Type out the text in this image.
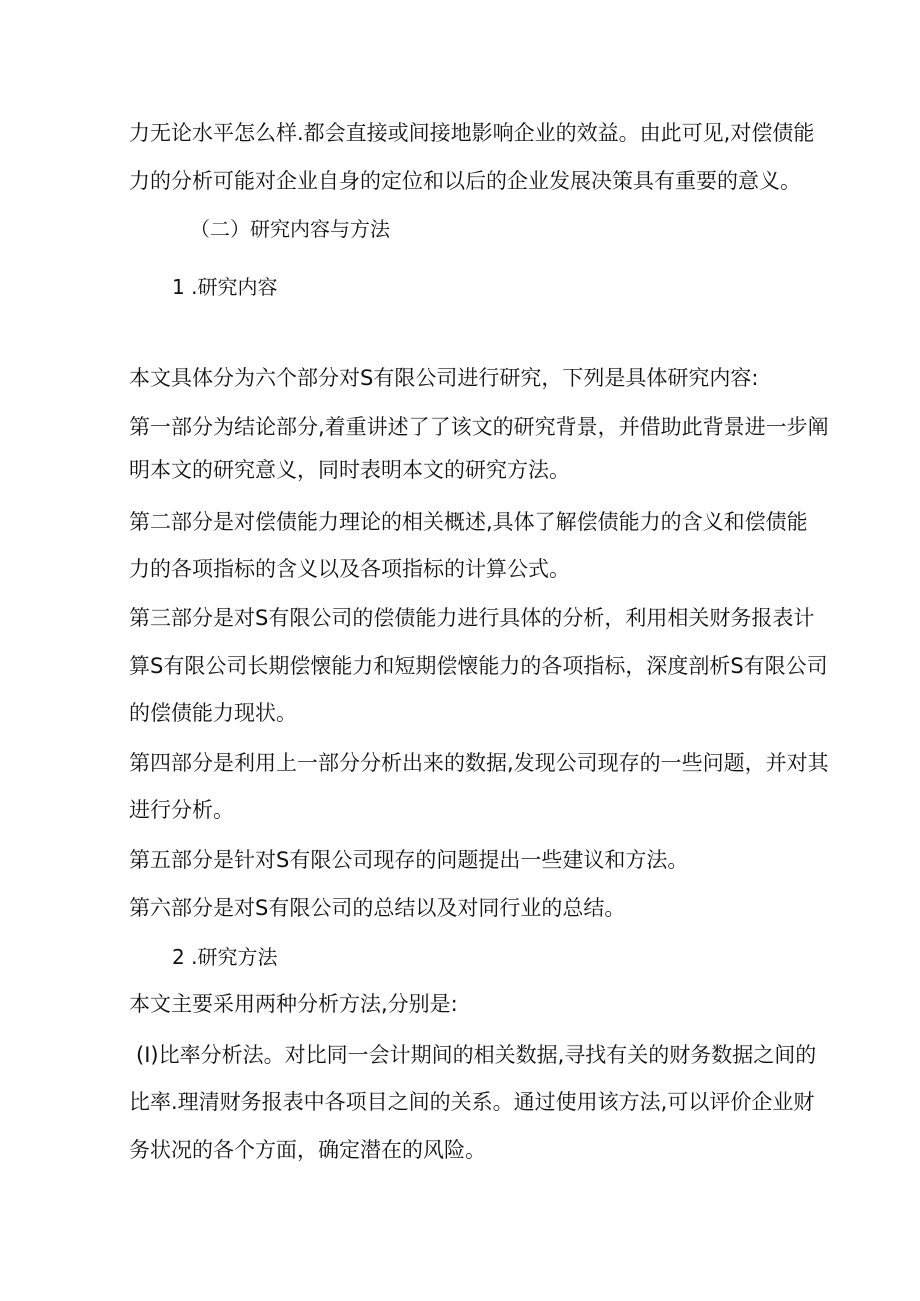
力无论水平怎么样.都会直接或间接地影响企业的效益。由此可见,对偿债能
力的分析可能对企业自身的定位和以后的企业发展决策具有重要的意义。
（二）研究内容与方法
1 .研究内容
本文具体分为六个部分对S有限公司进行研究，下列是具体研究内容:
第一部分为结论部分,着重讲述了了该文的研究背景，并借助此背景进一步阐
明本文的研究意义，同时表明本文的研究方法。
第二部分是对偿债能力理论的相关概述,具体了解偿债能力的含义和偿债能
力的各项指标的含义以及各项指标的计算公式。
第三部分是对S有限公司的偿债能力进行具体的分析，利用相关财务报表计
算S有限公司长期偿懐能力和短期偿懐能力的各项指标，深度剖析S有限公司
的偿债能力现状。
第四部分是利用上一部分分析出来的数据,发现公司现存的一些问题，并对其
进行分析。
第五部分是针对S有限公司现存的问题提出一些建议和方法。
第六部分是对S有限公司的总结以及对同行业的总结。
2 .研究方法
本文主要采用两种分析方法,分别是:
(I)比率分析法。对比同一会计期间的相关数据,寻找有关的财务数据之间的
比率.理清财务报表中各项目之间的关系。通过使用该方法,可以评价企业财
务状况的各个方面，确定潜在的风险。
